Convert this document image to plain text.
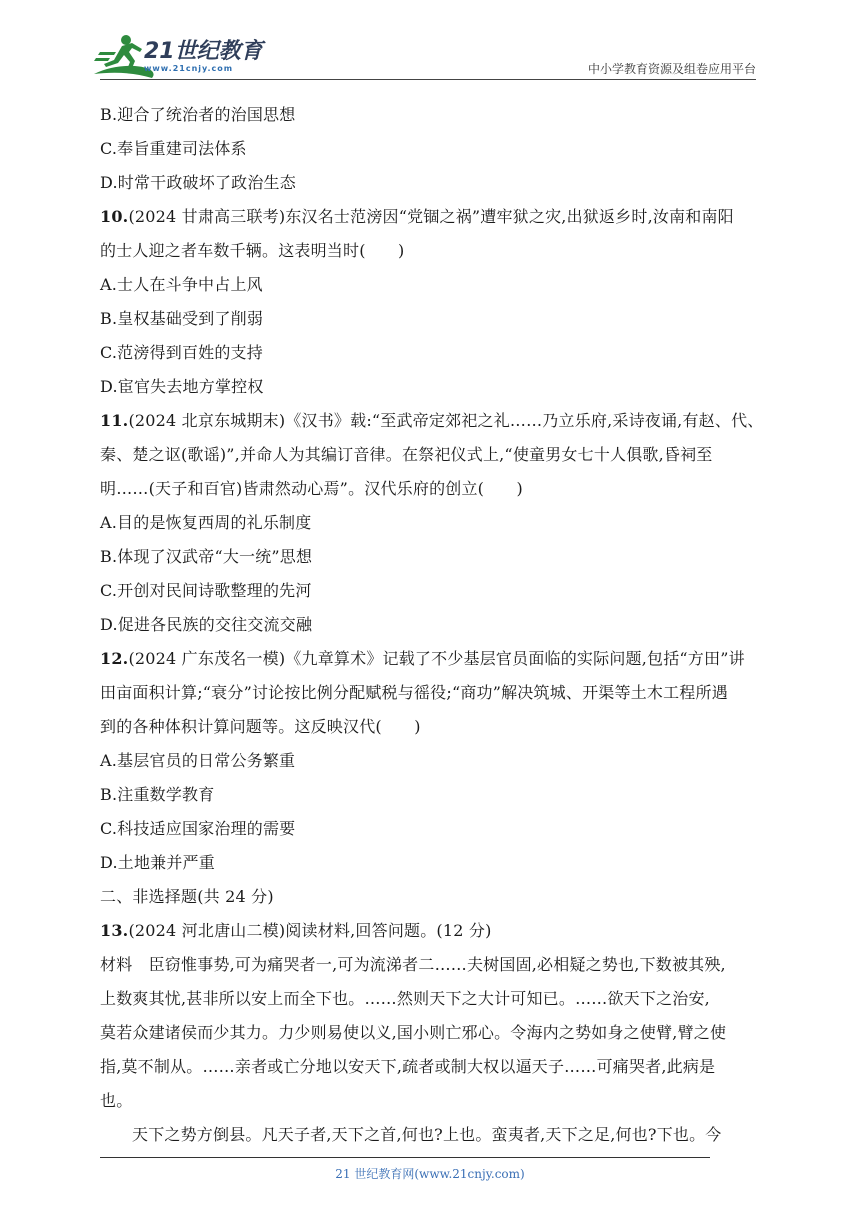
21世纪教育
www.21cnjy.com	中小学教育资源及组卷应用平台
B.迎合了统治者的治国思想
C.奉旨重建司法体系
D.时常干政破坏了政治生态
10.(2024 甘肃高三联考)东汉名士范滂因“党锢之祸”遭牢狱之灾,出狱返乡时,汝南和南阳
的士人迎之者车数千辆。这表明当时(　　)
A.士人在斗争中占上风
B.皇权基础受到了削弱
C.范滂得到百姓的支持
D.宦官失去地方掌控权
11.(2024 北京东城期末)《汉书》载:“至武帝定郊祀之礼……乃立乐府,采诗夜诵,有赵、代、
秦、楚之讴(歌谣)”,并命人为其编订音律。在祭祀仪式上,“使童男女七十人俱歌,昏祠至
明……(天子和百官)皆肃然动心焉”。汉代乐府的创立(　　)
A.目的是恢复西周的礼乐制度
B.体现了汉武帝“大一统”思想
C.开创对民间诗歌整理的先河
D.促进各民族的交往交流交融
12.(2024 广东茂名一模)《九章算术》记载了不少基层官员面临的实际问题,包括“方田”讲
田亩面积计算;“衰分”讨论按比例分配赋税与徭役;“商功”解决筑城、开渠等土木工程所遇
到的各种体积计算问题等。这反映汉代(　　)
A.基层官员的日常公务繁重
B.注重数学教育
C.科技适应国家治理的需要
D.土地兼并严重
二、非选择题(共 24 分)
13.(2024 河北唐山二模)阅读材料,回答问题。(12 分)
材料　臣窃惟事势,可为痛哭者一,可为流涕者二……夫树国固,必相疑之势也,下数被其殃,
上数爽其忧,甚非所以安上而全下也。……然则天下之大计可知已。……欲天下之治安,
莫若众建诸侯而少其力。力少则易使以义,国小则亡邪心。令海内之势如身之使臂,臂之使
指,莫不制从。……亲者或亡分地以安天下,疏者或制大权以逼天子……可痛哭者,此病是
也。
天下之势方倒县。凡天子者,天下之首,何也?上也。蛮夷者,天下之足,何也?下也。今
21 世纪教育网(www.21cnjy.com)
